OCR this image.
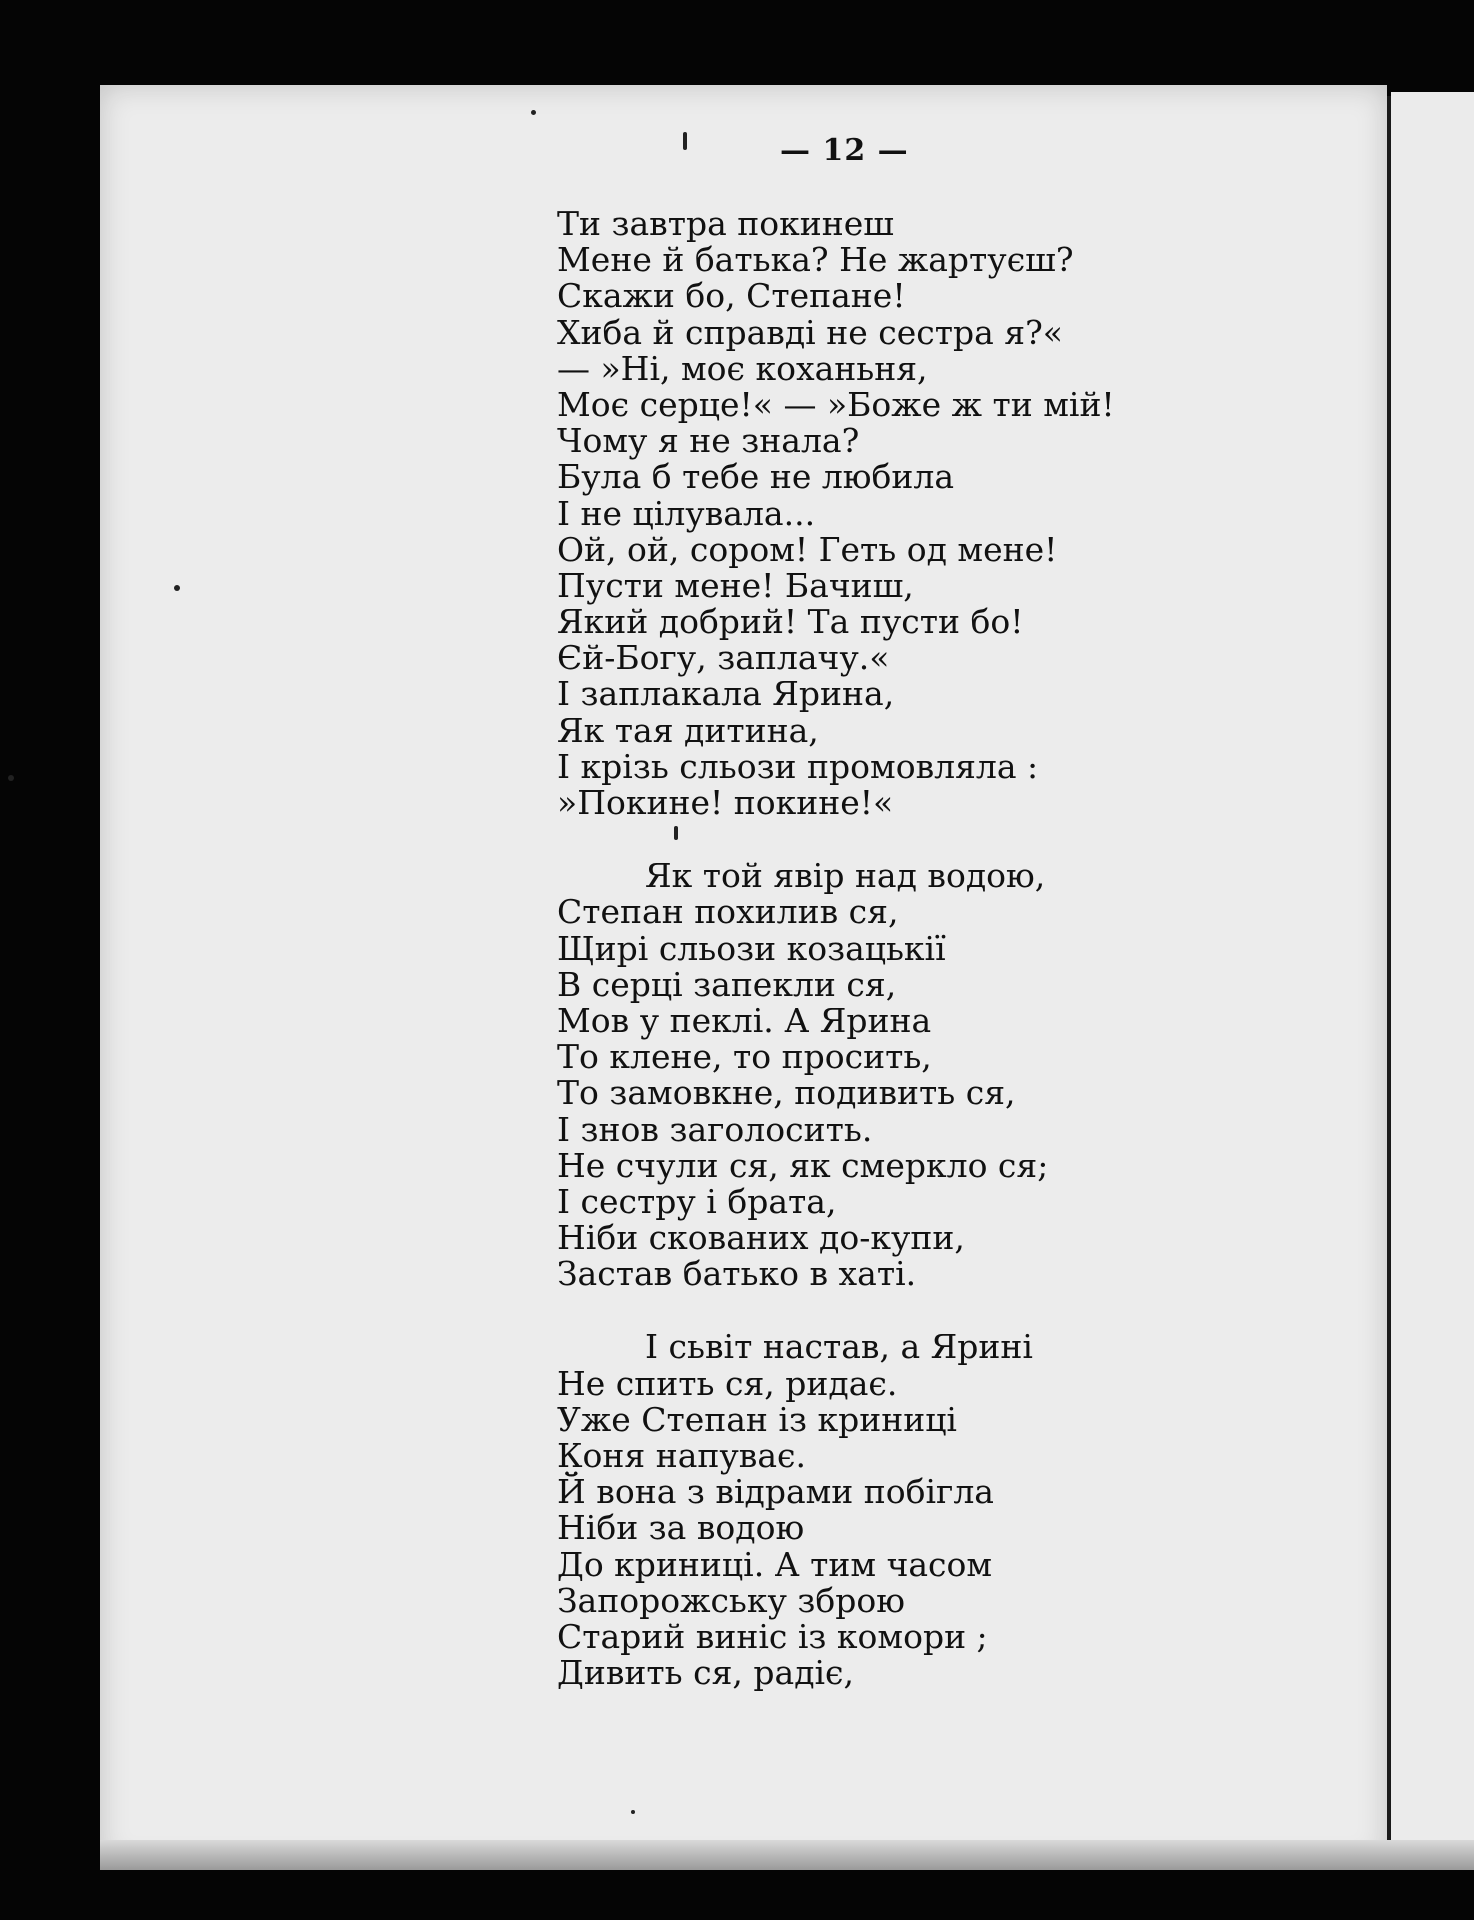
— 12 —
Ти завтра покинеш
Мене й батька? Не жартуєш?
Скажи бо, Степане!
Хиба й справді не сестра я?«
— »Ні, моє коханьня,
Моє серце!« — »Боже ж ти мій!
Чому я не знала?
Була б тебе не любила
І не цілувала...
Ой, ой, сором! Геть од мене!
Пусти мене! Бачиш,
Який добрий! Та пусти бо!
Єй-Богу, заплачу.«
І заплакала Ярина,
Як тая дитина,
І крізь сльози промовляла :
»Покине! покине!«
Як той явір над водою,
Степан похилив ся,
Щирі сльози козацькії
В серці запекли ся,
Мов у пеклі. А Ярина
То клене, то просить,
То замовкне, подивить ся,
І знов заголосить.
Не счули ся, як смеркло ся;
І сестру і брата,
Ніби скованих до-купи,
Застав батько в хаті.
І сьвіт настав, а Ярині
Не спить ся, ридає.
Уже Степан із криниці
Коня напуває.
Й вона з відрами побігла
Ніби за водою
До криниці. А тим часом
Запорожську зброю
Старий виніс із комори ;
Дивить ся, радіє,
